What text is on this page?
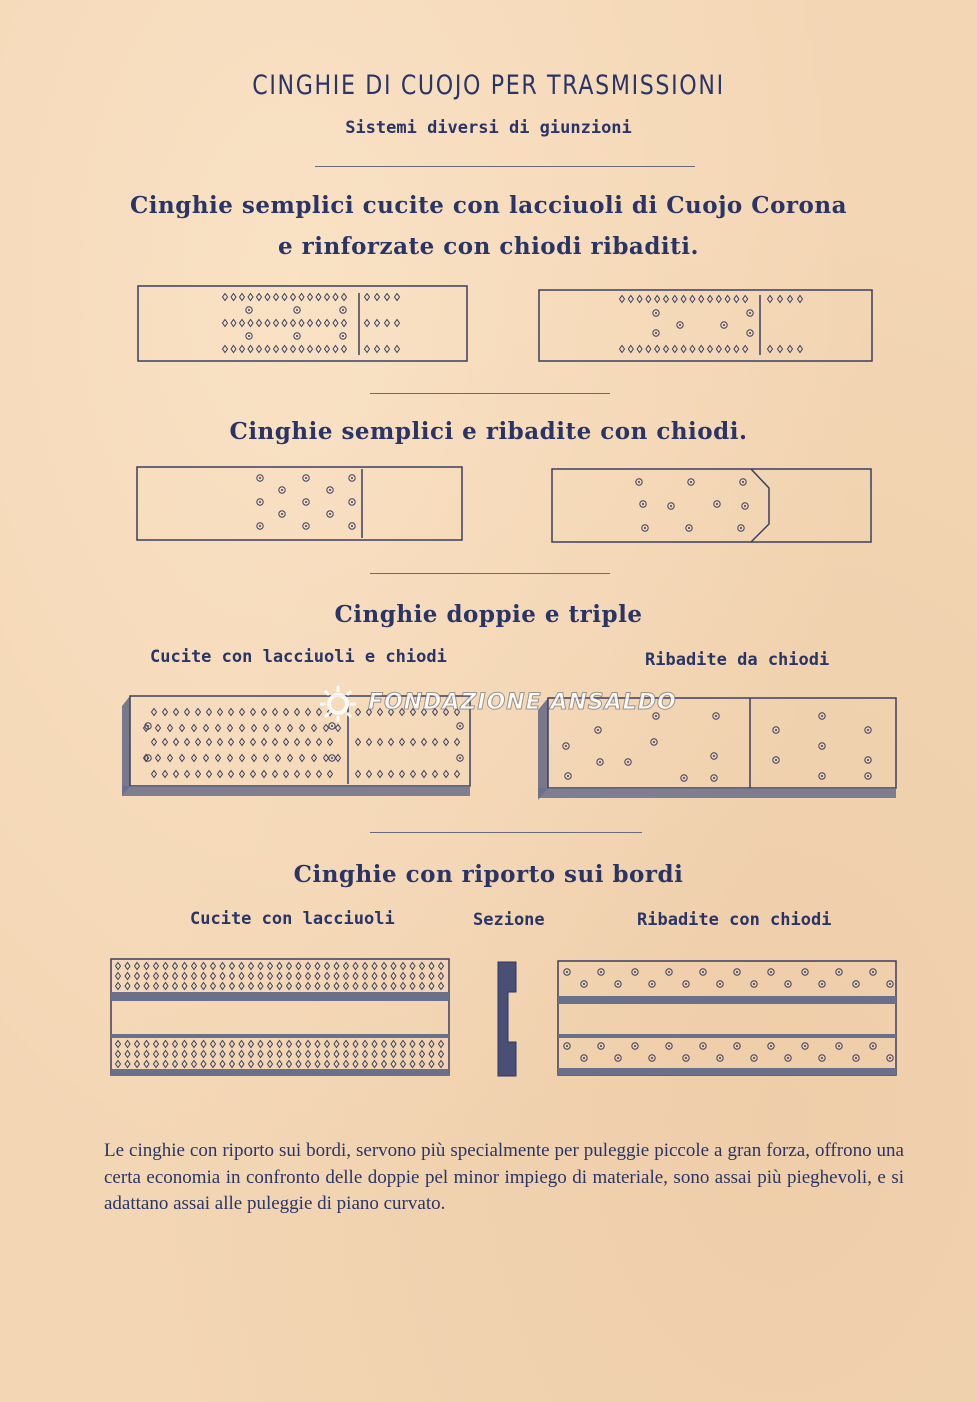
CINGHIE DI CUOJO PER TRASMISSIONI
Sistemi diversi di giunzioni
Cinghie semplici cucite con lacciuoli di Cuojo Corona
e rinforzate con chiodi ribaditi.
Cinghie semplici e ribadite con chiodi.
Cinghie doppie e triple
Cucite con lacciuoli e chiodi	Ribadite da chiodi
FONDAZIONE ANSALDO
Cinghie con riporto sui bordi
Cucite con lacciuoli	Sezione	Ribadite con chiodi
Le cinghie con riporto sui bordi, servono più specialmente per puleggie piccole a gran forza, offrono una certa economia in confronto delle doppie pel minor impiego di materiale, sono assai più pieghevoli, e si adattano assai alle puleggie di piano curvato.
